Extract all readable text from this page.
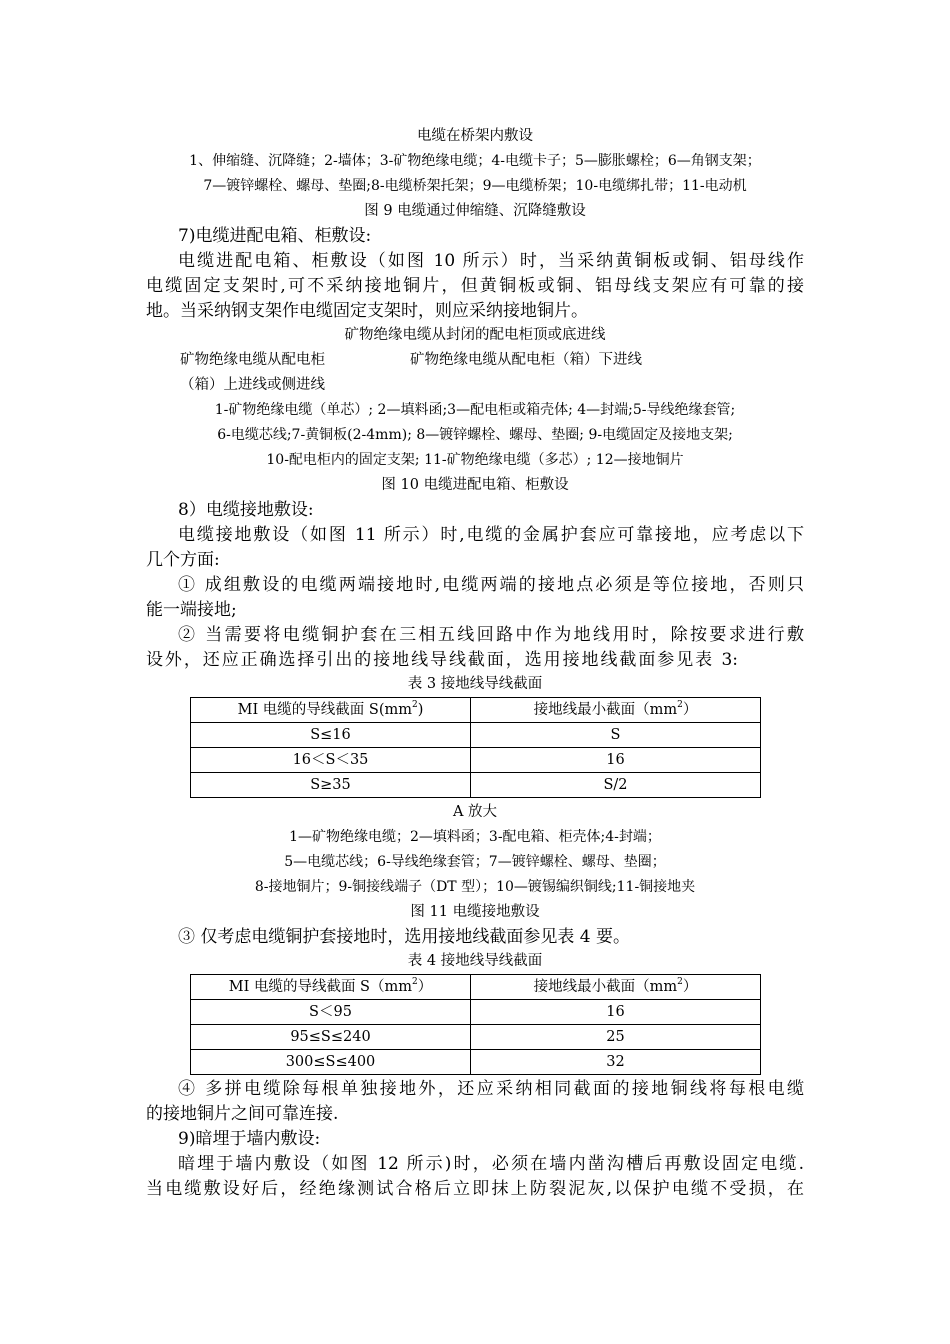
电缆在桥架内敷设
1、伸缩缝、沉降缝；2-墙体；3-矿物绝缘电缆；4-电缆卡子；5—膨胀螺栓；6—角钢支架；
7—镀锌螺栓、螺母、垫圈;8-电缆桥架托架；9—电缆桥架；10-电缆绑扎带；11-电动机
图 9 电缆通过伸缩缝、沉降缝敷设
7)电缆进配电箱、柜敷设:
电缆进配电箱、柜敷设（如图 10 所示）时，当采纳黄铜板或铜、铝母线作
电缆固定支架时,可不采纳接地铜片，但黄铜板或铜、铝母线支架应有可靠的接
地。当采纳钢支架作电缆固定支架时，则应采纳接地铜片。
矿物绝缘电缆从封闭的配电柜顶或底进线
矿物绝缘电缆从配电柜	矿物绝缘电缆从配电柜（箱）下进线
（箱）上进线或侧进线
1-矿物绝缘电缆（单芯）; 2—填料函;3—配电柜或箱壳体; 4—封端;5-导线绝缘套管;
6-电缆芯线;7-黄铜板(2-4mm); 8—镀锌螺栓、螺母、垫圈; 9-电缆固定及接地支架;
10-配电柜内的固定支架; 11-矿物绝缘电缆（多芯）; 12—接地铜片
图 10 电缆进配电箱、柜敷设
8）电缆接地敷设:
电缆接地敷设（如图 11 所示）时,电缆的金属护套应可靠接地，应考虑以下
几个方面:
① 成组敷设的电缆两端接地时,电缆两端的接地点必须是等位接地，否则只
能一端接地;
② 当需要将电缆铜护套在三相五线回路中作为地线用时，除按要求进行敷
设外，还应正确选择引出的接地线导线截面，选用接地线截面参见表 3:
表 3 接地线导线截面
MI 电缆的导线截面 $S(mm^2)$	接地线最小截面$(mm^2)$
S≤16	S
16＜S＜35	16
S≥35	S/2
A 放大
1—矿物绝缘电缆；2—填料函；3-配电箱、柜壳体;4-封端；
5—电缆芯线；6-导线绝缘套管；7—镀锌螺栓、螺母、垫圈；
8-接地铜片；9-铜接线端子（DT 型）；10—镀锡编织铜线;11-铜接地夹
图 11 电缆接地敷设
③ 仅考虑电缆铜护套接地时，选用接地线截面参见表 4 要。
表 4 接地线导线截面
MI 电缆的导线截面 $S(mm^2)$	接地线最小截面$(mm^2)$
S＜95	16
95≤S≤240	25
300≤S≤400	32
④ 多拼电缆除每根单独接地外，还应采纳相同截面的接地铜线将每根电缆
的接地铜片之间可靠连接.
9)暗埋于墙内敷设:
暗埋于墙内敷设（如图 12 所示)时，必须在墙内凿沟槽后再敷设固定电缆.
当电缆敷设好后，经绝缘测试合格后立即抹上防裂泥灰,以保护电缆不受损，在
